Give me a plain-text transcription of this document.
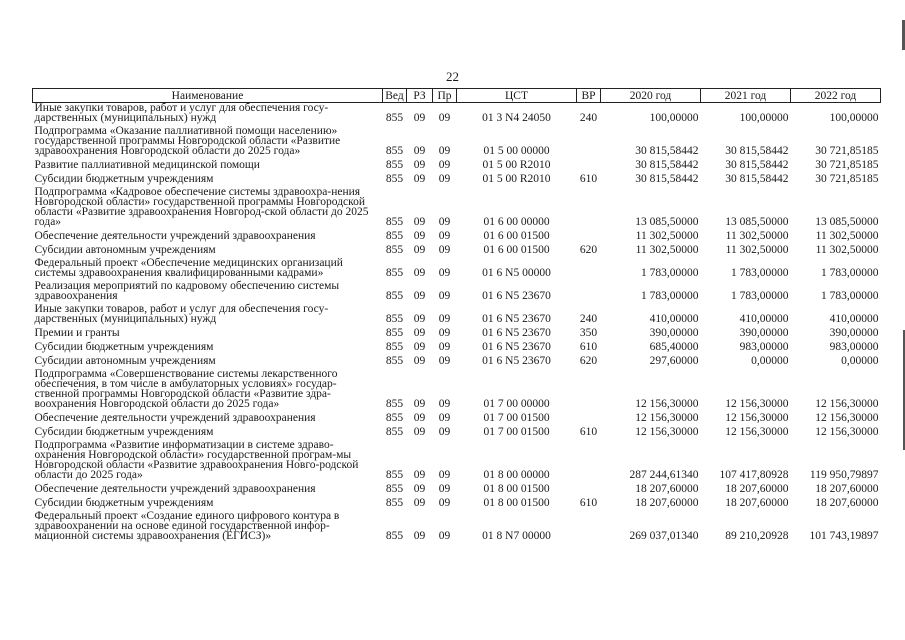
22
Наименование	Вед	РЗ	Пр	ЦСТ	ВР	2020 год	2021 год	2022 год
Иные закупки товаров, работ и услуг для обеспечения госу-дарственных (муниципальных) нужд	855	09	09	01 3 N4 24050	240	100,00000	100,00000	100,00000
Подпрограмма «Оказание паллиативной помощи населению» государственной программы Новгородской области «Развитие здравоохранения Новгородской области до 2025 года»	855	09	09	01 5 00 00000		30 815,58442	30 815,58442	30 721,85185
Развитие паллиативной медицинской помощи	855	09	09	01 5 00 R2010		30 815,58442	30 815,58442	30 721,85185
Субсидии бюджетным учреждениям	855	09	09	01 5 00 R2010	610	30 815,58442	30 815,58442	30 721,85185
Подпрограмма «Кадровое обеспечение системы здравоохра-нения Новгородской области» государственной программы Новгородской области «Развитие здравоохранения Новгород-ской области до 2025 года»	855	09	09	01 6 00 00000		13 085,50000	13 085,50000	13 085,50000
Обеспечение деятельности учреждений здравоохранения	855	09	09	01 6 00 01500		11 302,50000	11 302,50000	11 302,50000
Субсидии автономным учреждениям	855	09	09	01 6 00 01500	620	11 302,50000	11 302,50000	11 302,50000
Федеральный проект «Обеспечение медицинских организаций системы здравоохранения квалифицированными кадрами»	855	09	09	01 6 N5 00000		1 783,00000	1 783,00000	1 783,00000
Реализация мероприятий по кадровому обеспечению системы здравоохранения	855	09	09	01 6 N5 23670		1 783,00000	1 783,00000	1 783,00000
Иные закупки товаров, работ и услуг для обеспечения госу-дарственных (муниципальных) нужд	855	09	09	01 6 N5 23670	240	410,00000	410,00000	410,00000
Премии и гранты	855	09	09	01 6 N5 23670	350	390,00000	390,00000	390,00000
Субсидии бюджетным учреждениям	855	09	09	01 6 N5 23670	610	685,40000	983,00000	983,00000
Субсидии автономным учреждениям	855	09	09	01 6 N5 23670	620	297,60000	0,00000	0,00000
Подпрограмма «Совершенствование системы лекарственного обеспечения, в том числе в амбулаторных условиях» государ-ственной программы Новгородской области «Развитие здра-воохранения Новгородской области до 2025 года»	855	09	09	01 7 00 00000		12 156,30000	12 156,30000	12 156,30000
Обеспечение деятельности учреждений здравоохранения	855	09	09	01 7 00 01500		12 156,30000	12 156,30000	12 156,30000
Субсидии бюджетным учреждениям	855	09	09	01 7 00 01500	610	12 156,30000	12 156,30000	12 156,30000
Подпрограмма «Развитие информатизации в системе здраво-охранения Новгородской области» государственной програм-мы Новгородской области «Развитие здравоохранения Новго-родской области до 2025 года»	855	09	09	01 8 00 00000		287 244,61340	107 417,80928	119 950,79897
Обеспечение деятельности учреждений здравоохранения	855	09	09	01 8 00 01500		18 207,60000	18 207,60000	18 207,60000
Субсидии бюджетным учреждениям	855	09	09	01 8 00 01500	610	18 207,60000	18 207,60000	18 207,60000
Федеральный проект «Создание единого цифрового контура в здравоохранении на основе единой государственной инфор-мационной системы здравоохранения (ЕГИСЗ)»	855	09	09	01 8 N7 00000		269 037,01340	89 210,20928	101 743,19897
